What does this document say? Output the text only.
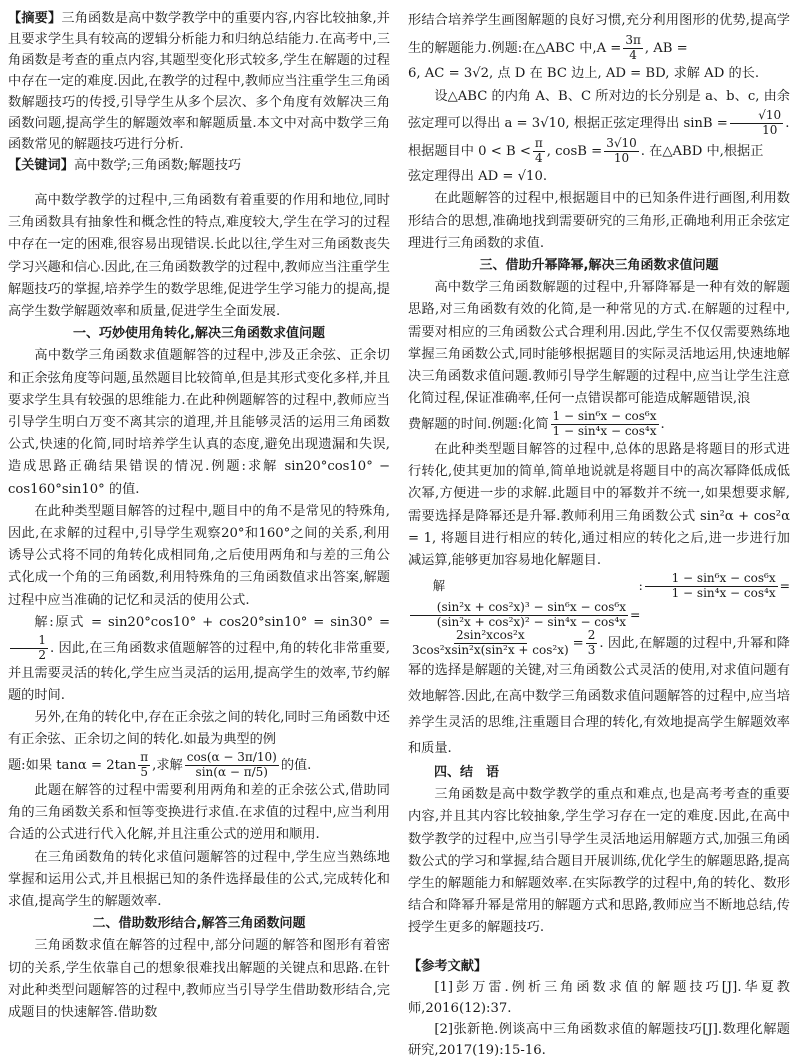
【摘要】三角函数是高中数学教学中的重要内容,内容比较抽象,并且要求学生具有较高的逻辑分析能力和归纳总结能力.在高考中,三角函数是考查的重点内容,其题型变化形式较多,学生在解题的过程中存在一定的难度.因此,在教学的过程中,教师应当注重学生三角函数解题技巧的传授,引导学生从多个层次、多个角度有效解决三角函数问题,提高学生的解题效率和解题质量.本文中对高中数学三角函数常见的解题技巧进行分析.

【关键词】高中数学;三角函数;解题技巧

高中数学教学的过程中,三角函数有着重要的作用和地位,同时三角函数具有抽象性和概念性的特点,难度较大,学生在学习的过程中存在一定的困难,很容易出现错误.长此以往,学生对三角函数丧失学习兴趣和信心.因此,在三角函数教学的过程中,教师应当注重学生解题技巧的掌握,培养学生的数学思维,促进学生学习能力的提高,提高学生数学解题效率和质量,促进学生全面发展.

一、巧妙使用角转化,解决三角函数求值问题

高中数学三角函数求值题解答的过程中,涉及正余弦、正余切和正余弦角度等问题,虽然题目比较简单,但是其形式变化多样,并且要求学生具有较强的思维能力.在此种例题解答的过程中,教师应当引导学生明白万变不离其宗的道理,并且能够灵活的运用三角函数公式,快速的化简,同时培养学生认真的态度,避免出现遗漏和失误,造成思路正确结果错误的情况.例题:求解 sin20°cos10° − cos160°sin10° 的值.

在此种类型题目解答的过程中,题目中的角不是常见的特殊角,因此,在求解的过程中,引导学生观察20°和160°之间的关系,利用诱导公式将不同的角转化成相同角,之后使用两角和与差的三角公式化成一个角的三角函数,利用特殊角的三角函数值求出答案,解题过程中应当准确的记忆和灵活的使用公式.

解:原式 = sin20°cos10° + cos20°sin10° = sin30° =
$\frac{1}{2}$ . 因此,在三角函数求值题解答的过程中,角的转化非常重要,并且需要灵活的转化,学生应当灵活的运用,提高学生的效率,节约解题的时间.

另外,在角的转化中,存在正余弦之间的转化,同时三角函数中还有正余弦、正余切之间的转化.如最为典型的例

题:如果 $\tan\alpha = 2\tan \frac{\pi}{5}$ ,求解 $\frac{\cos(\alpha - 3\pi/10)}{\sin(\alpha - \pi/5)}$ 的值.

此题在解答的过程中需要利用两角和差的正余弦公式,借助同角的三角函数关系和恒等变换进行求值.在求值的过程中,应当利用合适的公式进行代入化解,并且注重公式的逆用和顺用.

在三角函数角的转化求值问题解答的过程中,学生应当熟练地掌握和运用公式,并且根据已知的条件选择最佳的公式,完成转化和求值,提高学生的解题效率.

二、借助数形结合,解答三角函数问题

三角函数求值在解答的过程中,部分问题的解答和图形有着密切的关系,学生依靠自己的想象很难找出解题的关键点和思路.在针对此种类型问题解答的过程中,教师应当引导学生借助数形结合,完成题目的快速解答.借助数

形结合培养学生画图解题的良好习惯,充分利用图形的优势,提高学生的解题能力.例题:在△ABC 中$,A = \frac{3\pi}{4}$ , AB =

6, AC = 3√2, 点 D 在 BC 边上, AD = BD, 求解 AD 的长.

设△ABC 的内角 A、B、C 所对边的长分别是 a、b、c, 由余弦定理可以得出 a = 3√10, 根据正弦定理得出 $\sin B = \frac{√10}{10}$ .

根据题目中 $0 < B < \frac{\pi}{4}$ , $\cos B = \frac{3√10}{10}$ . 在△ABD 中,根据正

弦定理得出 AD = √10.

在此题解答的过程中,根据题目中的已知条件进行画图,利用数形结合的思想,准确地找到需要研究的三角形,正确地利用正余弦定理进行三角函数的求值.

三、借助升幂降幂,解决三角函数求值问题

高中数学三角函数解题的过程中,升幂降幂是一种有效的解题思路,对三角函数有效的化简,是一种常见的方式.在解题的过程中,需要对相应的三角函数公式合理利用.因此,学生不仅仅需要熟练地掌握三角函数公式,同时能够根据题目的实际灵活地运用,快速地解决三角函数求值问题.教师引导学生解题的过程中,应当让学生注意化简过程,保证准确率,任何一点错误都可能造成解题错误,浪

费解题的时间.例题:化简 $\frac{\text{1 − sin⁶x − cos⁶x}}{\text{1 − sin⁴x − cos⁴x}}$ .

在此种类型题目解答的过程中,总体的思路是将题目的形式进行转化,使其更加的简单,简单地说就是将题目中的高次幂降低成低次幂,方便进一步的求解.此题目中的幂数并不统一,如果想要求解,需要选择是降幂还是升幂.教师利用三角函数公式 sin²α + cos²α = 1, 将题目进行相应的转化,通过相应的转化之后,进一步进行加减运算,能够更加容易地化解题目.

解: $\frac{\text{1 − sin⁶x − cos⁶x}}{\text{1 − sin⁴x − cos⁴x}}$ =
$\frac{\text{(sin²x + cos²x)³ − sin⁶x − cos⁶x}}{\text{(sin²x + cos²x)² − sin⁴x − cos⁴x}}$ =

$\frac{\text{2sin²xcos²x}}{\text{3cos²xsin²x(sin²x + cos²x)}} = \frac{2}{3}$ . 因此,在解题的过程中,升幂和降幂的选择是解题的关键,对三角函数公式灵活的使用,对求值问题有效地解答.因此,在高中数学三角函数求值问题解答的过程中,应当培养学生灵活的思维,注重题目合理的转化,有效地提高学生解题效率和质量.

四、结　语

三角函数是高中数学教学的重点和难点,也是高考考查的重要内容,并且其内容比较抽象,学生学习存在一定的难度.因此,在高中数学教学的过程中,应当引导学生灵活地运用解题方式,加强三角函数公式的学习和掌握,结合题目开展训练,优化学生的解题思路,提高学生的解题能力和解题效率.在实际教学的过程中,角的转化、数形结合和降幂升幂是常用的解题方式和思路,教师应当不断地总结,传授学生更多的解题技巧.

【参考文献】

[1]彭万雷.例析三角函数求值的解题技巧[J].华夏教师,2016(12):37.

[2]张新艳.例谈高中三角函数求值的解题技巧[J].数理化解题研究,2017(19):15-16.
